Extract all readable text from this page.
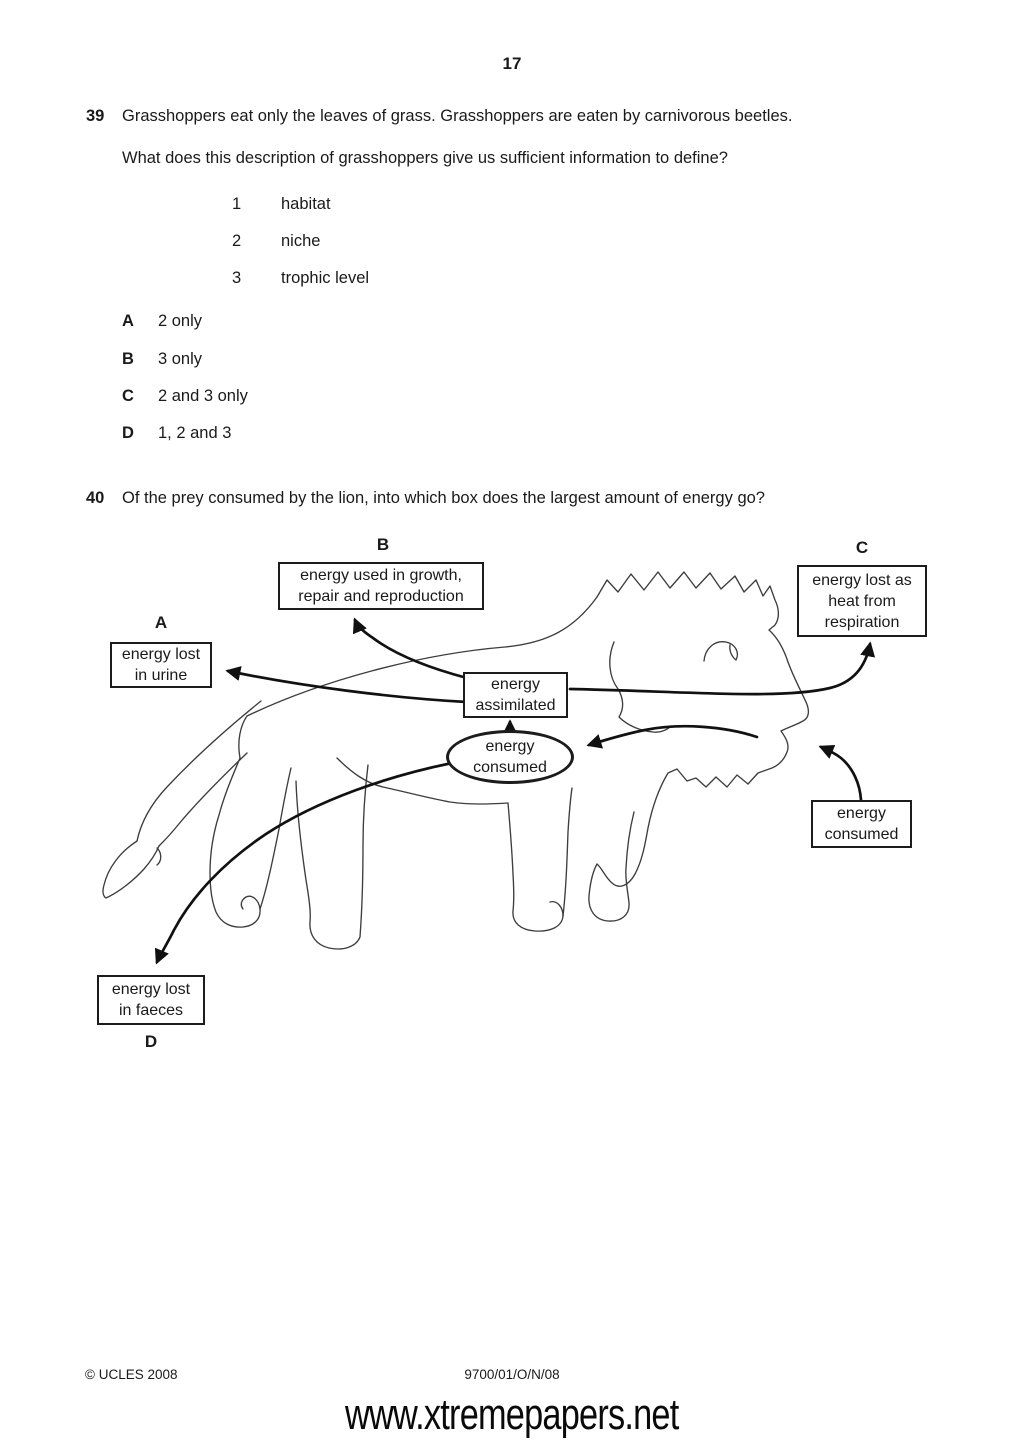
17
39 Grasshoppers eat only the leaves of grass. Grasshoppers are eaten by carnivorous beetles.
What does this description of grasshoppers give us sufficient information to define?
1 habitat
2 niche
3 trophic level
A 2 only
B 3 only
C 2 and 3 only
D 1, 2 and 3
40 Of the prey consumed by the lion, into which box does the largest amount of energy go?
B
energy used in growth,
repair and reproduction
C
energy lost as
heat from
respiration
A
energy lost
in urine
energy
assimilated
energy
consumed
energy
consumed
energy lost
in faeces
D
© UCLES 2008	9700/01/O/N/08
www.xtremepapers.net
